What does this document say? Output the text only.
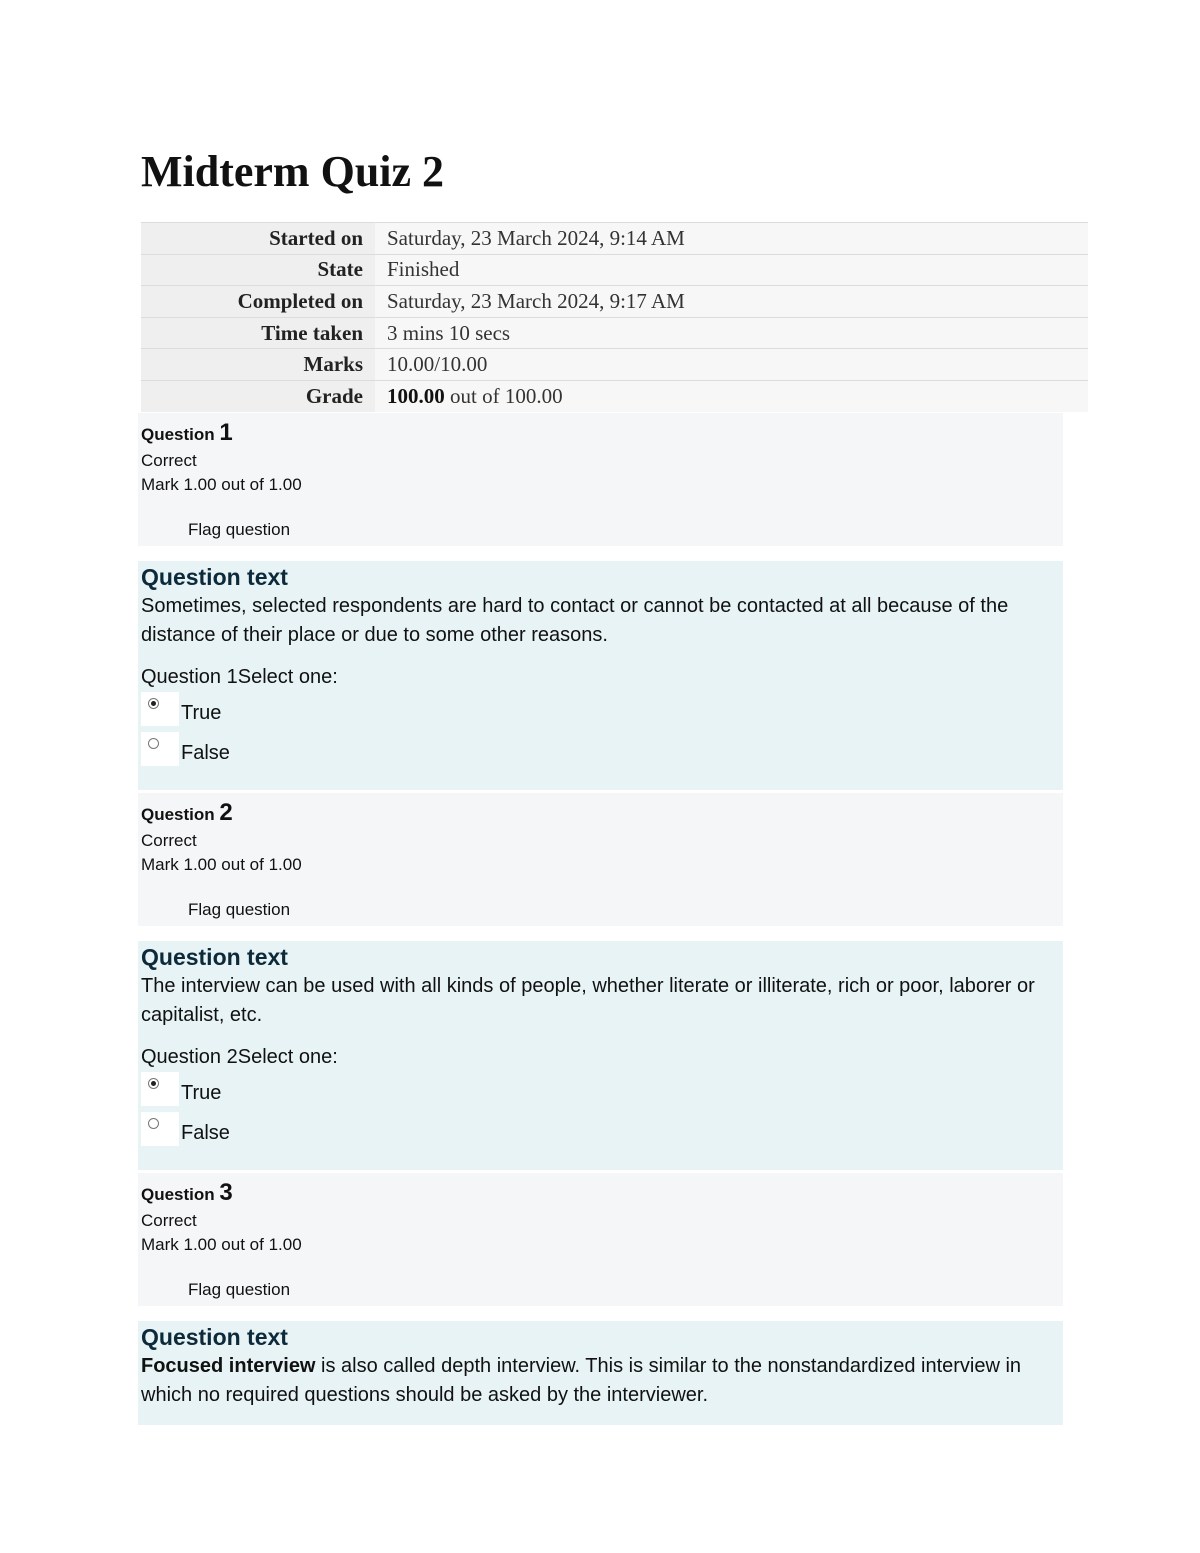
Midterm Quiz 2
Started on	Saturday, 23 March 2024, 9:14 AM
State	Finished
Completed on	Saturday, 23 March 2024, 9:17 AM
Time taken	3 mins 10 secs
Marks	10.00/10.00
Grade	100.00 out of 100.00
Question 1
Correct
Mark 1.00 out of 1.00
Flag question
Question text
Sometimes, selected respondents are hard to contact or cannot be contacted at all because of the distance of their place or due to some other reasons.
Question 1Select one:
True
False
Question 2
Correct
Mark 1.00 out of 1.00
Flag question
Question text
The interview can be used with all kinds of people, whether literate or illiterate, rich or poor, laborer or capitalist, etc.
Question 2Select one:
True
False
Question 3
Correct
Mark 1.00 out of 1.00
Flag question
Question text
Focused interview is also called depth interview. This is similar to the nonstandardized interview in which no required questions should be asked by the interviewer.
